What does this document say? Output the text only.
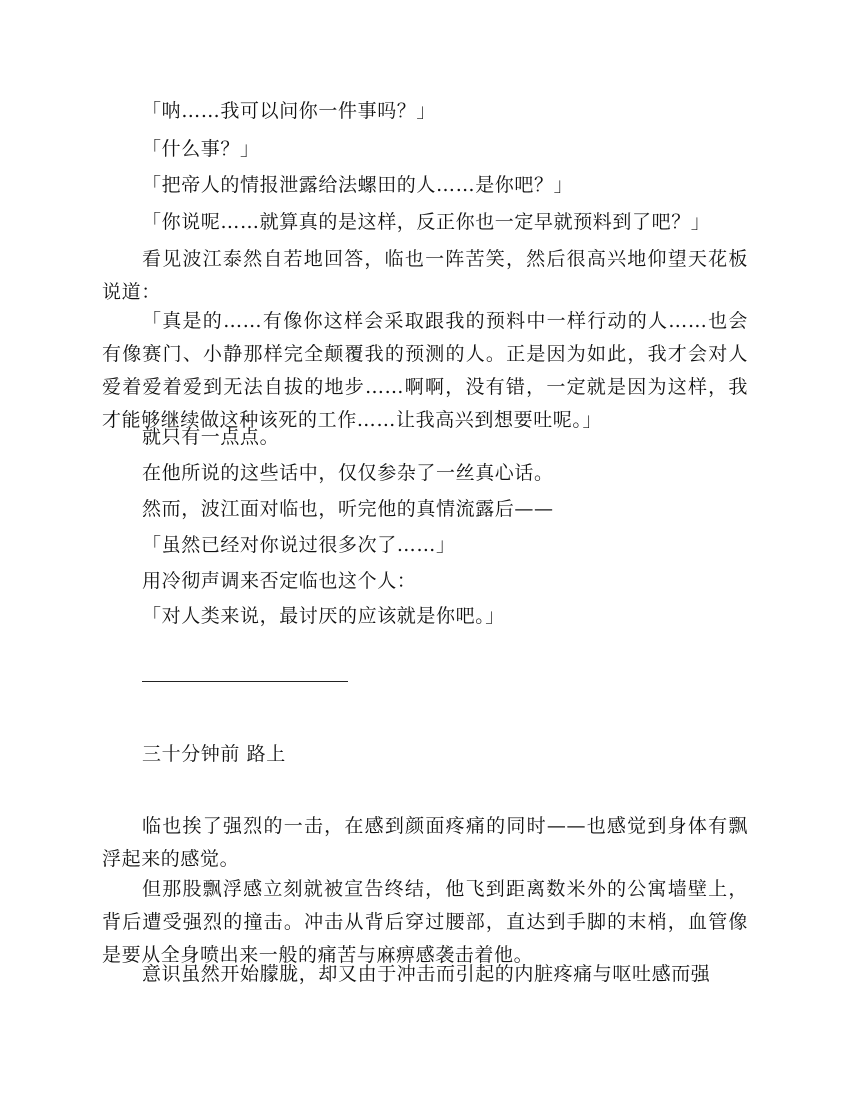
「呐……我可以问你一件事吗？」

「什么事？」

「把帝人的情报泄露给法螺田的人……是你吧？」

「你说呢……就算真的是这样，反正你也一定早就预料到了吧？」

看见波江泰然自若地回答，临也一阵苦笑，然后很高兴地仰望天花板说道：

「真是的……有像你这样会采取跟我的预料中一样行动的人……也会有像赛门、小静那样完全颠覆我的预测的人。正是因为如此，我才会对人爱着爱着爱到无法自拔的地步……啊啊，没有错，一定就是因为这样，我才能够继续做这种该死的工作……让我高兴到想要吐呢。」

就只有一点点。

在他所说的这些话中，仅仅参杂了一丝真心话。

然而，波江面对临也，听完他的真情流露后——

「虽然已经对你说过很多次了……」

用冷彻声调来否定临也这个人：

「对人类来说，最讨厌的应该就是你吧。」

三十分钟前 路上

临也挨了强烈的一击，在感到颜面疼痛的同时——也感觉到身体有飘浮起来的感觉。

但那股飘浮感立刻就被宣告终结，他飞到距离数米外的公寓墙壁上，背后遭受强烈的撞击。冲击从背后穿过腰部，直达到手脚的末梢，血管像是要从全身喷出来一般的痛苦与麻痹感袭击着他。

意识虽然开始朦胧，却又由于冲击而引起的内脏疼痛与呕吐感而强
